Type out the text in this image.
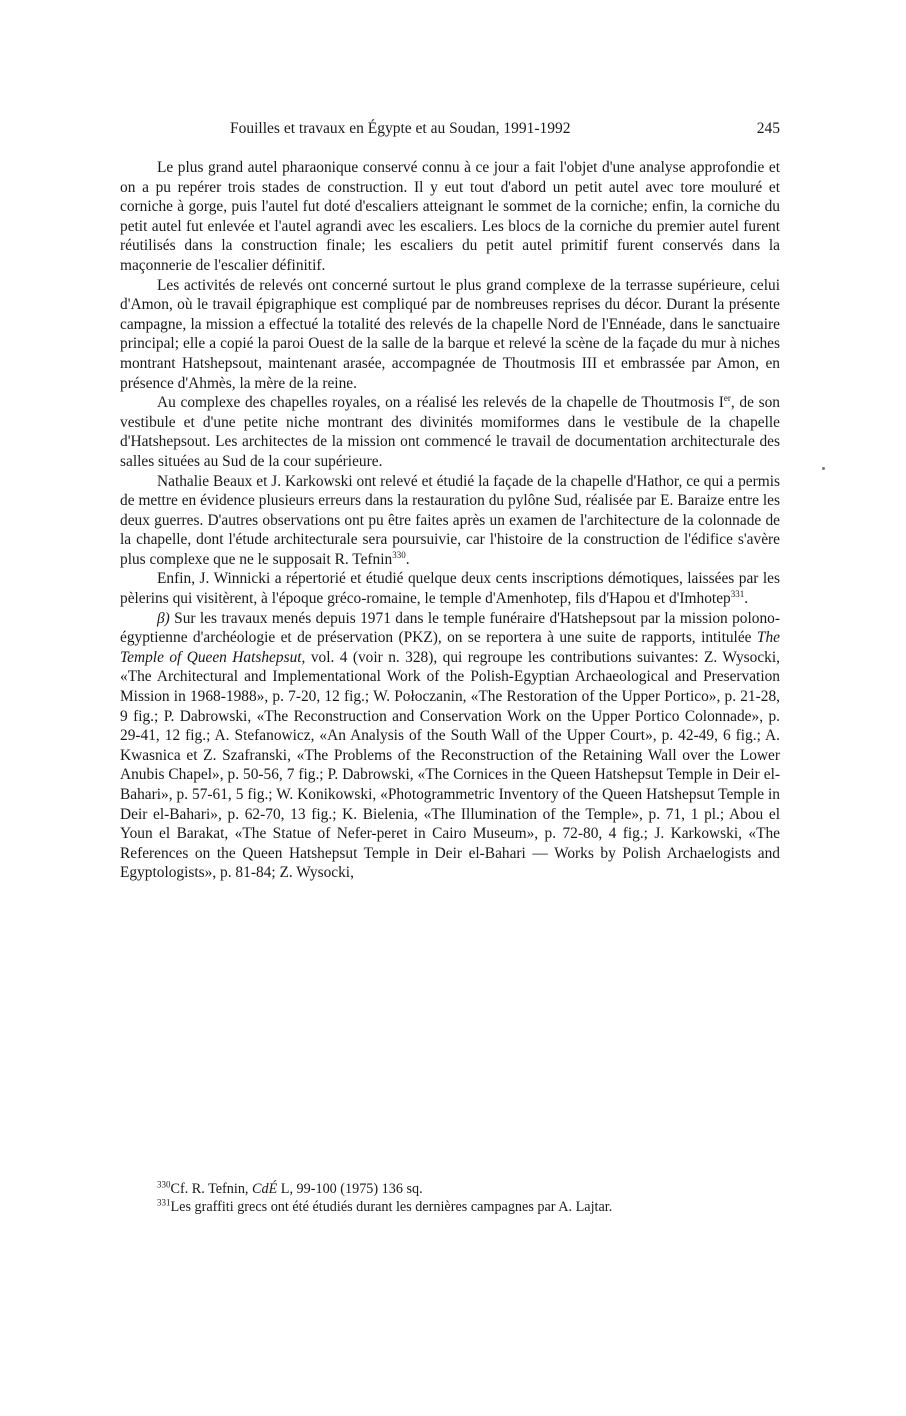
Fouilles et travaux en Égypte et au Soudan, 1991-1992	245

Le plus grand autel pharaonique conservé connu à ce jour a fait l'objet d'une analyse approfondie et on a pu repérer trois stades de construction. Il y eut tout d'abord un petit autel avec tore mouluré et corniche à gorge, puis l'autel fut doté d'escaliers atteignant le sommet de la corniche; enfin, la corniche du petit autel fut enlevée et l'autel agrandi avec les escaliers. Les blocs de la corniche du premier autel furent réutilisés dans la construction finale; les escaliers du petit autel primitif furent conservés dans la maçonnerie de l'escalier définitif.

Les activités de relevés ont concerné surtout le plus grand complexe de la terrasse supérieure, celui d'Amon, où le travail épigraphique est compliqué par de nombreuses reprises du décor. Durant la présente campagne, la mission a effectué la totalité des relevés de la chapelle Nord de l'Ennéade, dans le sanctuaire principal; elle a copié la paroi Ouest de la salle de la barque et relevé la scène de la façade du mur à niches montrant Hatshepsout, maintenant arasée, accompagnée de Thoutmosis III et embrassée par Amon, en présence d'Ahmès, la mère de la reine.

Au complexe des chapelles royales, on a réalisé les relevés de la chapelle de Thoutmosis Ier, de son vestibule et d'une petite niche montrant des divinités momiformes dans le vestibule de la chapelle d'Hatshepsout. Les architectes de la mission ont commencé le travail de documentation architecturale des salles situées au Sud de la cour supérieure.

Nathalie Beaux et J. Karkowski ont relevé et étudié la façade de la chapelle d'Hathor, ce qui a permis de mettre en évidence plusieurs erreurs dans la restauration du pylône Sud, réalisée par E. Baraize entre les deux guerres. D'autres observations ont pu être faites après un examen de l'architecture de la colonnade de la chapelle, dont l'étude architecturale sera poursuivie, car l'histoire de la construction de l'édifice s'avère plus complexe que ne le supposait R. Tefnin$^{330}$.

Enfin, J. Winnicki a répertorié et étudié quelque deux cents inscriptions démotiques, laissées par les pèlerins qui visitèrent, à l'époque gréco-romaine, le temple d'Amenhotep, fils d'Hapou et d'Imhotep$^{331}$.

β) Sur les travaux menés depuis 1971 dans le temple funéraire d'Hatshepsout par la mission polono-égyptienne d'archéologie et de préservation (PKZ), on se reportera à une suite de rapports, intitulée The Temple of Queen Hatshepsut, vol. 4 (voir n. 328), qui regroupe les contributions suivantes: Z. Wysocki, «The Architectural and Implementational Work of the Polish-Egyptian Archaeological and Preservation Mission in 1968-1988», p. 7-20, 12 fig.; W. Połoczanin, «The Restoration of the Upper Portico», p. 21-28, 9 fig.; P. Dabrowski, «The Reconstruction and Conservation Work on the Upper Portico Colonnade», p. 29-41, 12 fig.; A. Stefanowicz, «An Analysis of the South Wall of the Upper Court», p. 42-49, 6 fig.; A. Kwasnica et Z. Szafranski, «The Problems of the Reconstruction of the Retaining Wall over the Lower Anubis Chapel», p. 50-56, 7 fig.; P. Dabrowski, «The Cornices in the Queen Hatshepsut Temple in Deir el-Bahari», p. 57-61, 5 fig.; W. Konikowski, «Photogrammetric Inventory of the Queen Hatshepsut Temple in Deir el-Bahari», p. 62-70, 13 fig.; K. Bielenia, «The Illumination of the Temple», p. 71, 1 pl.; Abou el Youn el Barakat, «The Statue of Nefer-peret in Cairo Museum», p. 72-80, 4 fig.; J. Karkowski, «The References on the Queen Hatshepsut Temple in Deir el-Bahari — Works by Polish Archaelogists and Egyptologists», p. 81-84; Z. Wysocki,

$^{330}$Cf. R. Tefnin, CdÉ L, 99-100 (1975) 136 sq.

$^{331}$Les graffiti grecs ont été étudiés durant les dernières campagnes par A. Lajtar.
